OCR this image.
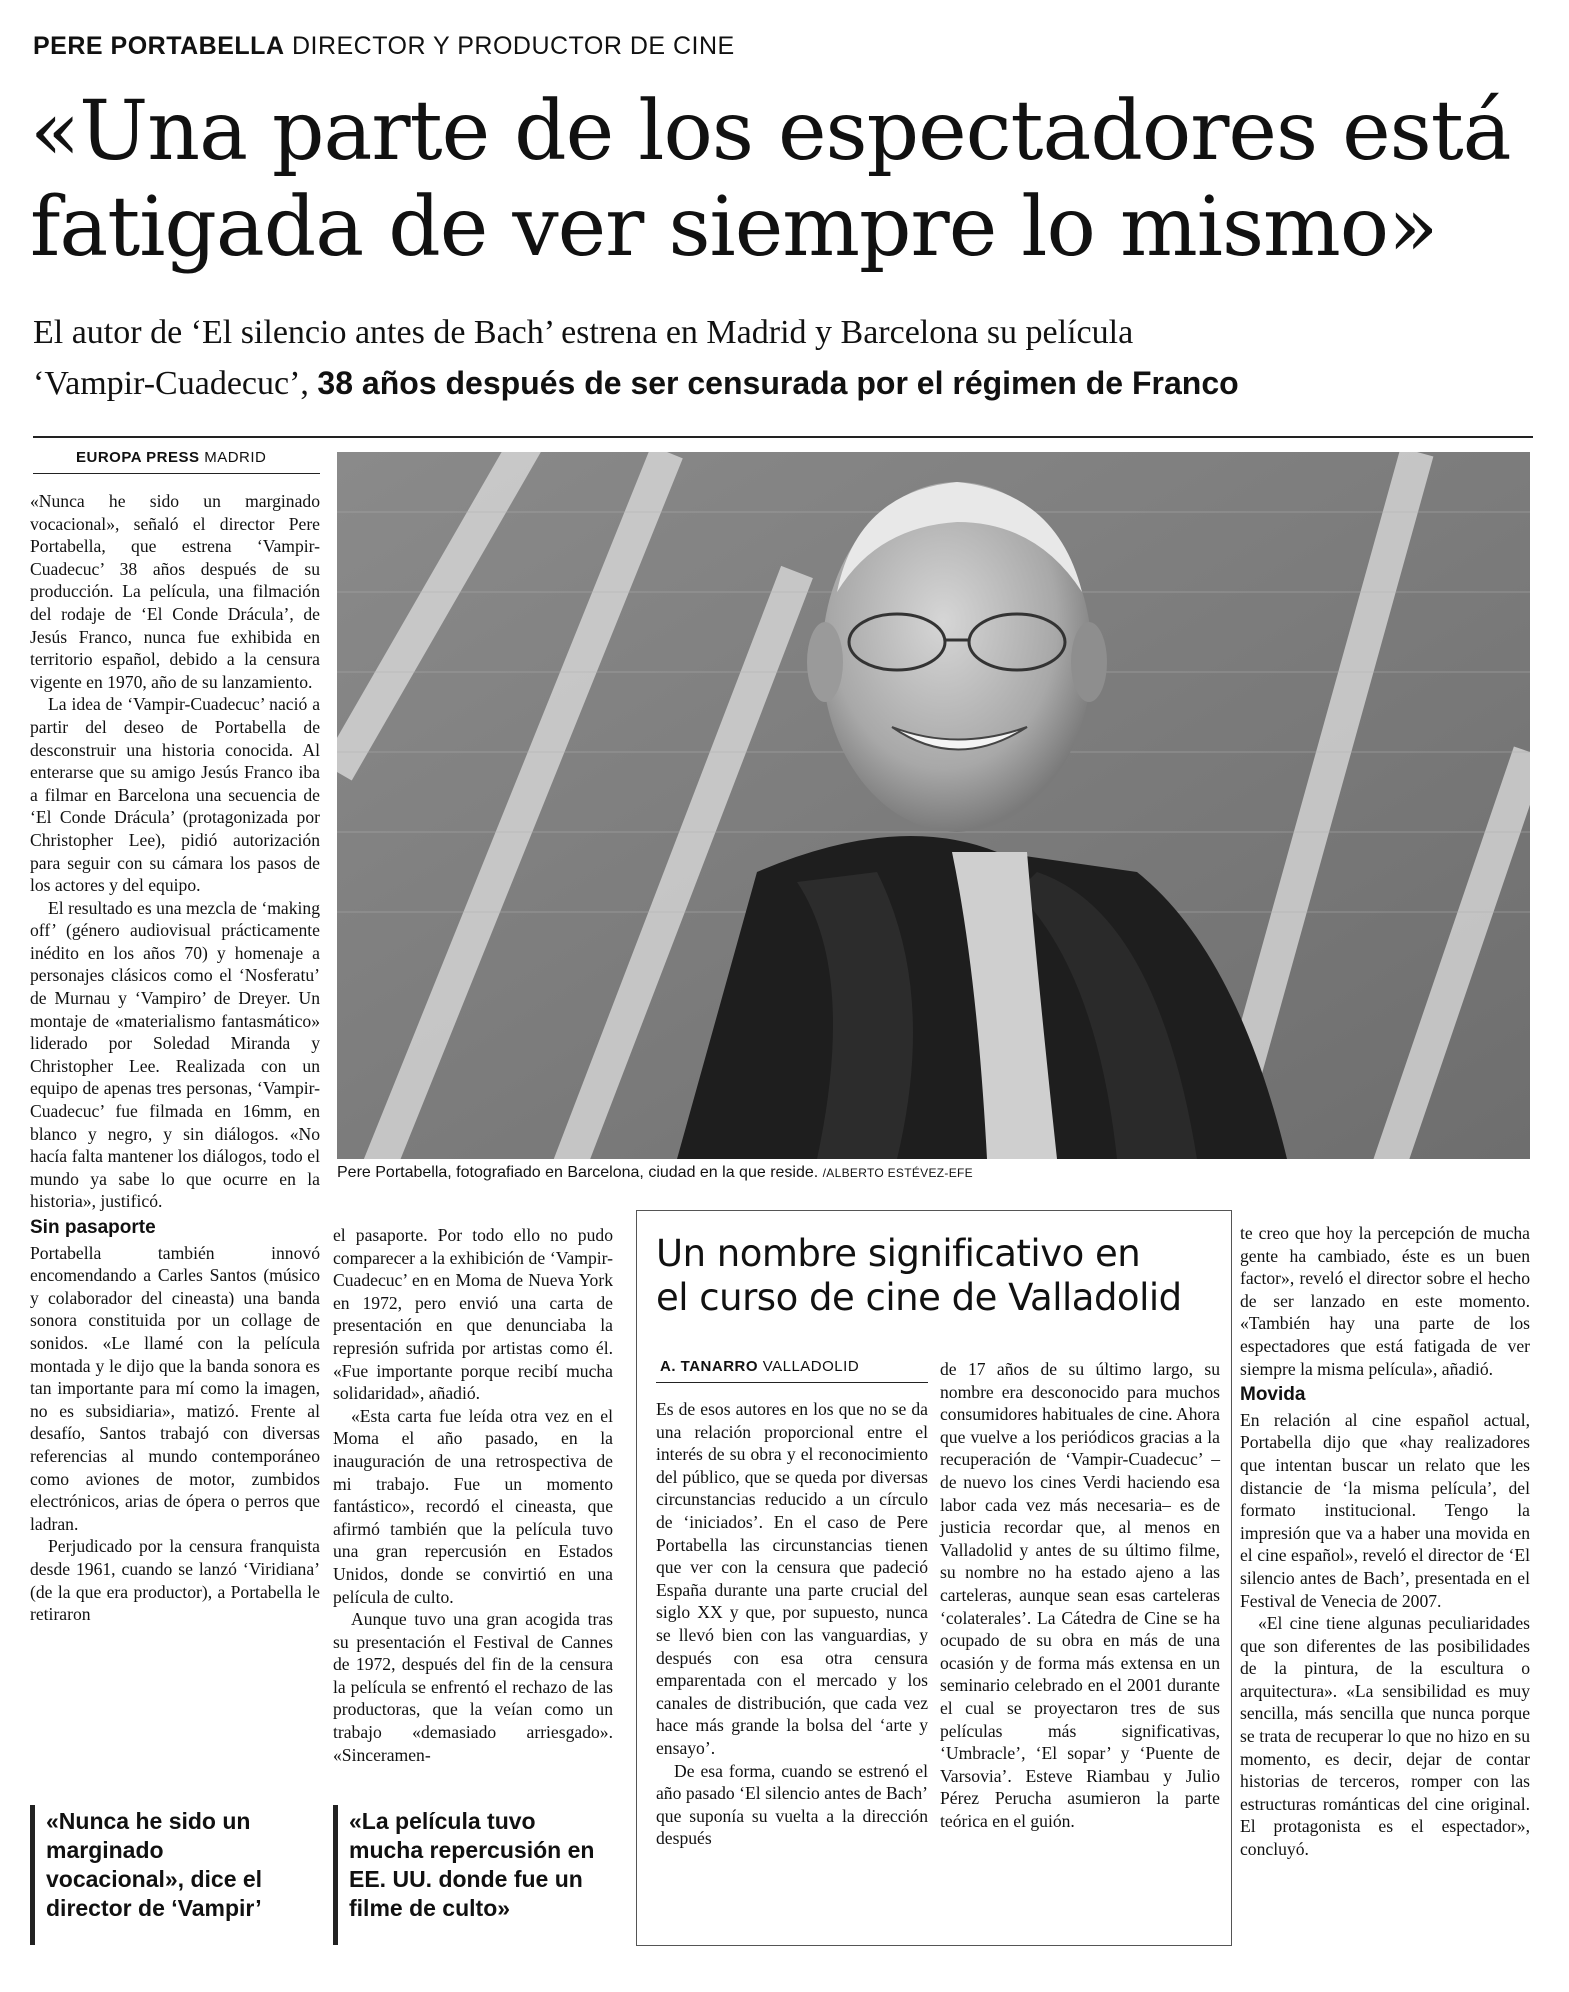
PERE PORTABELLA DIRECTOR Y PRODUCTOR DE CINE
«Una parte de los espectadores está
fatigada de ver siempre lo mismo»
El autor de ‘El silencio antes de Bach’ estrena en Madrid y Barcelona su película
‘Vampir-Cuadecuc’, 38 años después de ser censurada por el régimen de Franco
EUROPA PRESS MADRID

«Nunca he sido un marginado vocacional», señaló el director Pere Portabella, que estrena ‘Vampir-Cuadecuc’ 38 años después de su producción. La película, una filmación del rodaje de ‘El Conde Drácula’, de Jesús Franco, nunca fue exhibida en territorio español, debido a la censura vigente en 1970, año de su lanzamiento.

La idea de ‘Vampir-Cuadecuc’ nació a partir del deseo de Portabella de desconstruir una historia conocida. Al enterarse que su amigo Jesús Franco iba a filmar en Barcelona una secuencia de ‘El Conde Drácula’ (protagonizada por Christopher Lee), pidió autorización para seguir con su cámara los pasos de los actores y del equipo.

El resultado es una mezcla de ‘making off’ (género audiovisual prácticamente inédito en los años 70) y homenaje a personajes clásicos como el ‘Nosferatu’ de Murnau y ‘Vampiro’ de Dreyer. Un montaje de «materialismo fantasmático» liderado por Soledad Miranda y Christopher Lee. Realizada con un equipo de apenas tres personas, ‘Vampir-Cuadecuc’ fue filmada en 16mm, en blanco y negro, y sin diálogos. «No hacía falta mantener los diálogos, todo el mundo ya sabe lo que ocurre en la historia», justificó.

Sin pasaporte

Portabella también innovó encomendando a Carles Santos (músico y colaborador del cineasta) una banda sonora constituida por un collage de sonidos. «Le llamé con la película montada y le dijo que la banda sonora es tan importante para mí como la imagen, no es subsidiaria», matizó. Frente al desafío, Santos trabajó con diversas referencias al mundo contemporáneo como aviones de motor, zumbidos electrónicos, arias de ópera o perros que ladran.

Perjudicado por la censura franquista desde 1961, cuando se lanzó ‘Viridiana’ (de la que era productor), a Portabella le retiraron

Pere Portabella, fotografiado en Barcelona, ciudad en la que reside. /ALBERTO ESTÉVEZ-EFE

el pasaporte. Por todo ello no pudo comparecer a la exhibición de ‘Vampir-Cuadecuc’ en en Moma de Nueva York en 1972, pero envió una carta de presentación en que denunciaba la represión sufrida por artistas como él. «Fue importante porque recibí mucha solidaridad», añadió.

«Esta carta fue leída otra vez en el Moma el año pasado, en la inauguración de una retrospectiva de mi trabajo. Fue un momento fantástico», recordó el cineasta, que afirmó también que la película tuvo una gran repercusión en Estados Unidos, donde se convirtió en una película de culto.

Aunque tuvo una gran acogida tras su presentación el Festival de Cannes de 1972, después del fin de la censura la película se enfrentó el rechazo de las productoras, que la veían como un trabajo «demasiado arriesgado». «Sinceramen-

«Nunca he sido un marginado vocacional», dice el director de ‘Vampir’
«La película tuvo mucha repercusión en EE. UU. donde fue un filme de culto»
Un nombre significativo en
el curso de cine de Valladolid
A. TANARRO VALLADOLID

Es de esos autores en los que no se da una relación proporcional entre el interés de su obra y el reconocimiento del público, que se queda por diversas circunstancias reducido a un círculo de ‘iniciados’. En el caso de Pere Portabella las circunstancias tienen que ver con la censura que padeció España durante una parte crucial del siglo XX y que, por supuesto, nunca se llevó bien con las vanguardias, y después con esa otra censura emparentada con el mercado y los canales de distribución, que cada vez hace más grande la bolsa del ‘arte y ensayo’.

De esa forma, cuando se estrenó el año pasado ‘El silencio antes de Bach’ que suponía su vuelta a la dirección después

de 17 años de su último largo, su nombre era desconocido para muchos consumidores habituales de cine. Ahora que vuelve a los periódicos gracias a la recuperación de ‘Vampir-Cuadecuc’ –de nuevo los cines Verdi haciendo esa labor cada vez más necesaria– es de justicia recordar que, al menos en Valladolid y antes de su último filme, su nombre no ha estado ajeno a las carteleras, aunque sean esas carteleras ‘colaterales’. La Cátedra de Cine se ha ocupado de su obra en más de una ocasión y de forma más extensa en un seminario celebrado en el 2001 durante el cual se proyectaron tres de sus películas más significativas, ‘Umbracle’, ‘El sopar’ y ‘Puente de Varsovia’. Esteve Riambau y Julio Pérez Perucha asumieron la parte teórica en el guión.

te creo que hoy la percepción de mucha gente ha cambiado, éste es un buen factor», reveló el director sobre el hecho de ser lanzado en este momento. «También hay una parte de los espectadores que está fatigada de ver siempre la misma película», añadió.

Movida

En relación al cine español actual, Portabella dijo que «hay realizadores que intentan buscar un relato que les distancie de ‘la misma película’, del formato institucional. Tengo la impresión que va a haber una movida en el cine español», reveló el director de ‘El silencio antes de Bach’, presentada en el Festival de Venecia de 2007.

«El cine tiene algunas peculiaridades que son diferentes de las posibilidades de la pintura, de la escultura o arquitectura». «La sensibilidad es muy sencilla, más sencilla que nunca porque se trata de recuperar lo que no hizo en su momento, es decir, dejar de contar historias de terceros, romper con las estructuras románticas del cine original. El protagonista es el espectador», concluyó.
